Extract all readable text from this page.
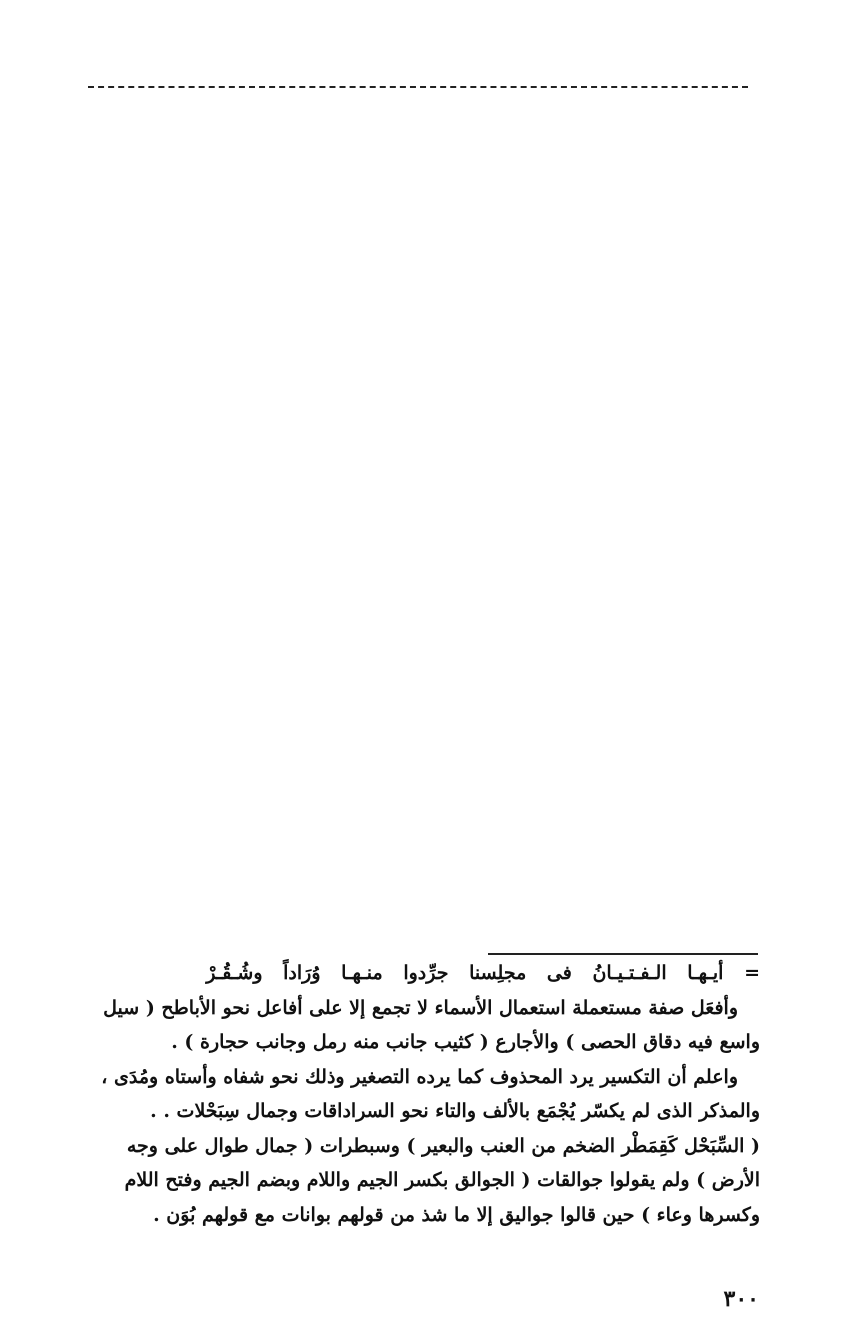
= أيـهـا الـفـتـيـانُ فى مجلِسنا جرِّدوا منـهـا وُرَاداً وشُـقُـرْ

وأفعَل صفة مستعملة استعمال الأسماء لا تجمع إلا على أفاعل نحو الأباطح ( سيل

واسع فيه دقاق الحصى ) والأجارع ( كثيب جانب منه رمل وجانب حجارة ) .

واعلم أن التكسير يرد المحذوف كما يرده التصغير وذلك نحو شفاه وأستاه ومُدَى ،

والمذكر الذى لم يكسّر يُجْمَع بالألف والتاء نحو السراداقات وجمال سِبَحْلات . .

( السِّبَحْل كَقِمَطْر الضخم من العنب والبعير ) وسبطرات ( جمال طوال على وجه

الأرض ) ولم يقولوا جوالقات ( الجوالق بكسر الجيم واللام وبضم الجيم وفتح اللام

وكسرها وعاء ) حين قالوا جواليق إلا ما شذ من قولهم بوانات مع قولهم بُوَن .

٣٠٠
